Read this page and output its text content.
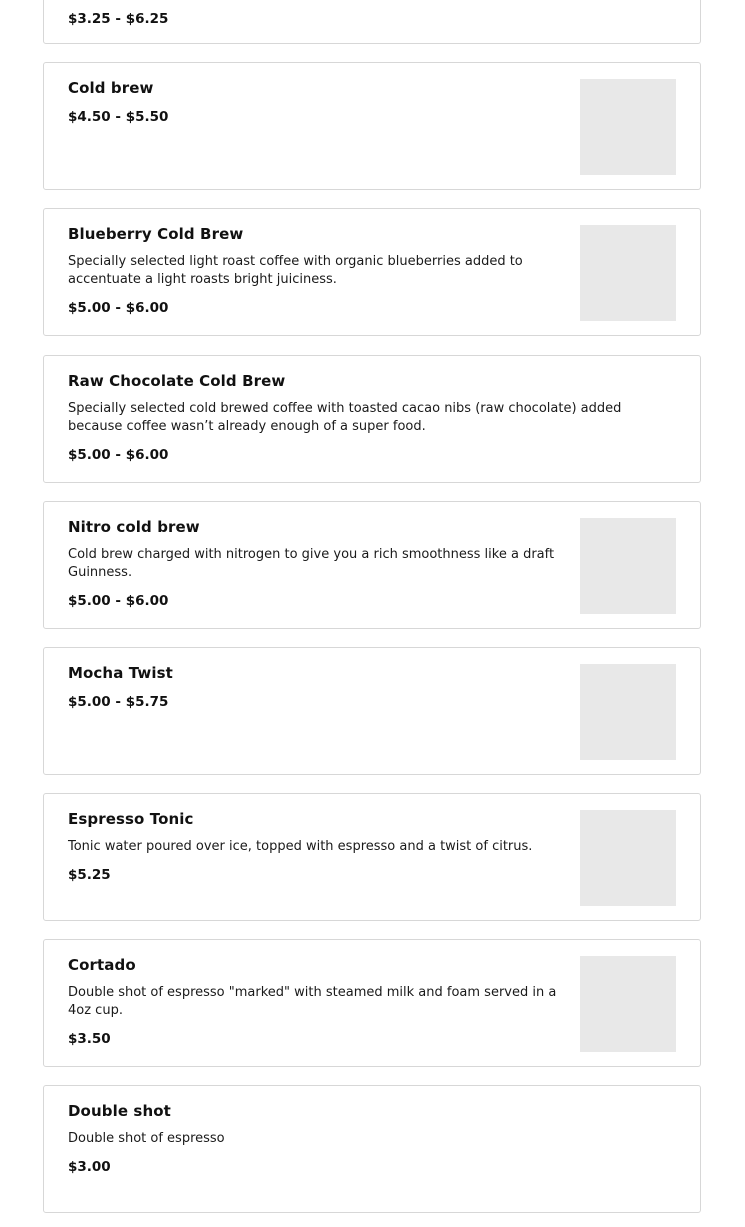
$3.25 - $6.25
Cold brew
$4.50 - $5.50
Blueberry Cold Brew
Specially selected light roast coffee with organic blueberries added to accentuate a light roasts bright juiciness.
$5.00 - $6.00
Raw Chocolate Cold Brew
Specially selected cold brewed coffee with toasted cacao nibs (raw chocolate) added because coffee wasn’t already enough of a super food.
$5.00 - $6.00
Nitro cold brew
Cold brew charged with nitrogen to give you a rich smoothness like a draft Guinness.
$5.00 - $6.00
Mocha Twist
$5.00 - $5.75
Espresso Tonic
Tonic water poured over ice, topped with espresso and a twist of citrus.
$5.25
Cortado
Double shot of espresso "marked" with steamed milk and foam served in a 4oz cup.
$3.50
Double shot
Double shot of espresso
$3.00
